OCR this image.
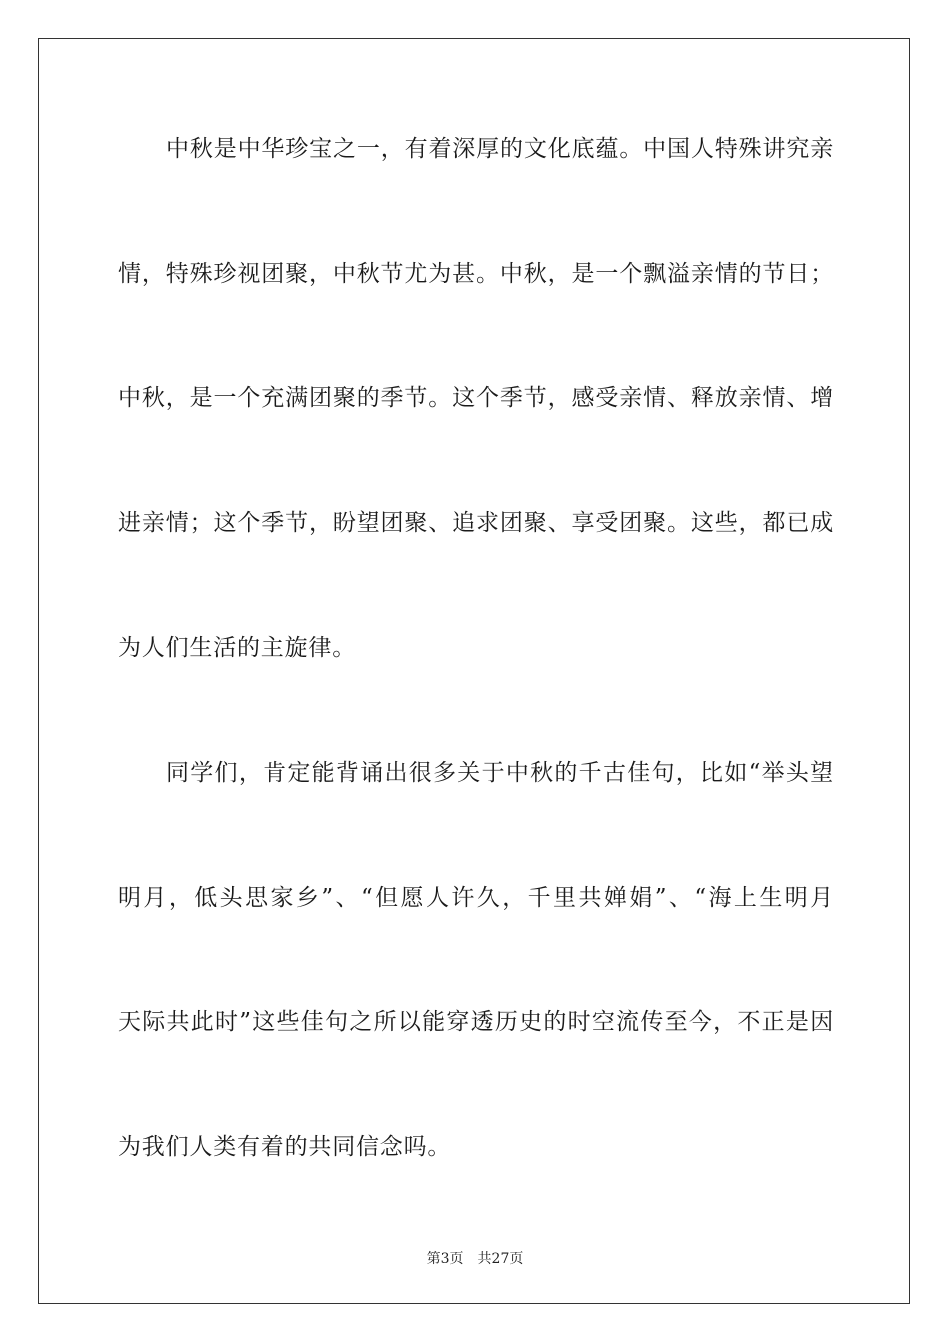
中秋是中华珍宝之一，有着深厚的文化底蕴。中国人特殊讲究亲

情，特殊珍视团聚，中秋节尤为甚。中秋，是一个飘溢亲情的节日；

中秋，是一个充满团聚的季节。这个季节，感受亲情、释放亲情、增

进亲情；这个季节，盼望团聚、追求团聚、享受团聚。这些，都已成

为人们生活的主旋律。

同学们，肯定能背诵出很多关于中秋的千古佳句，比如“举头望

明月，低头思家乡”、“但愿人许久，千里共婵娟”、“海上生明月

天际共此时”这些佳句之所以能穿透历史的时空流传至今，不正是因

为我们人类有着的共同信念吗。

第3页 共27页
